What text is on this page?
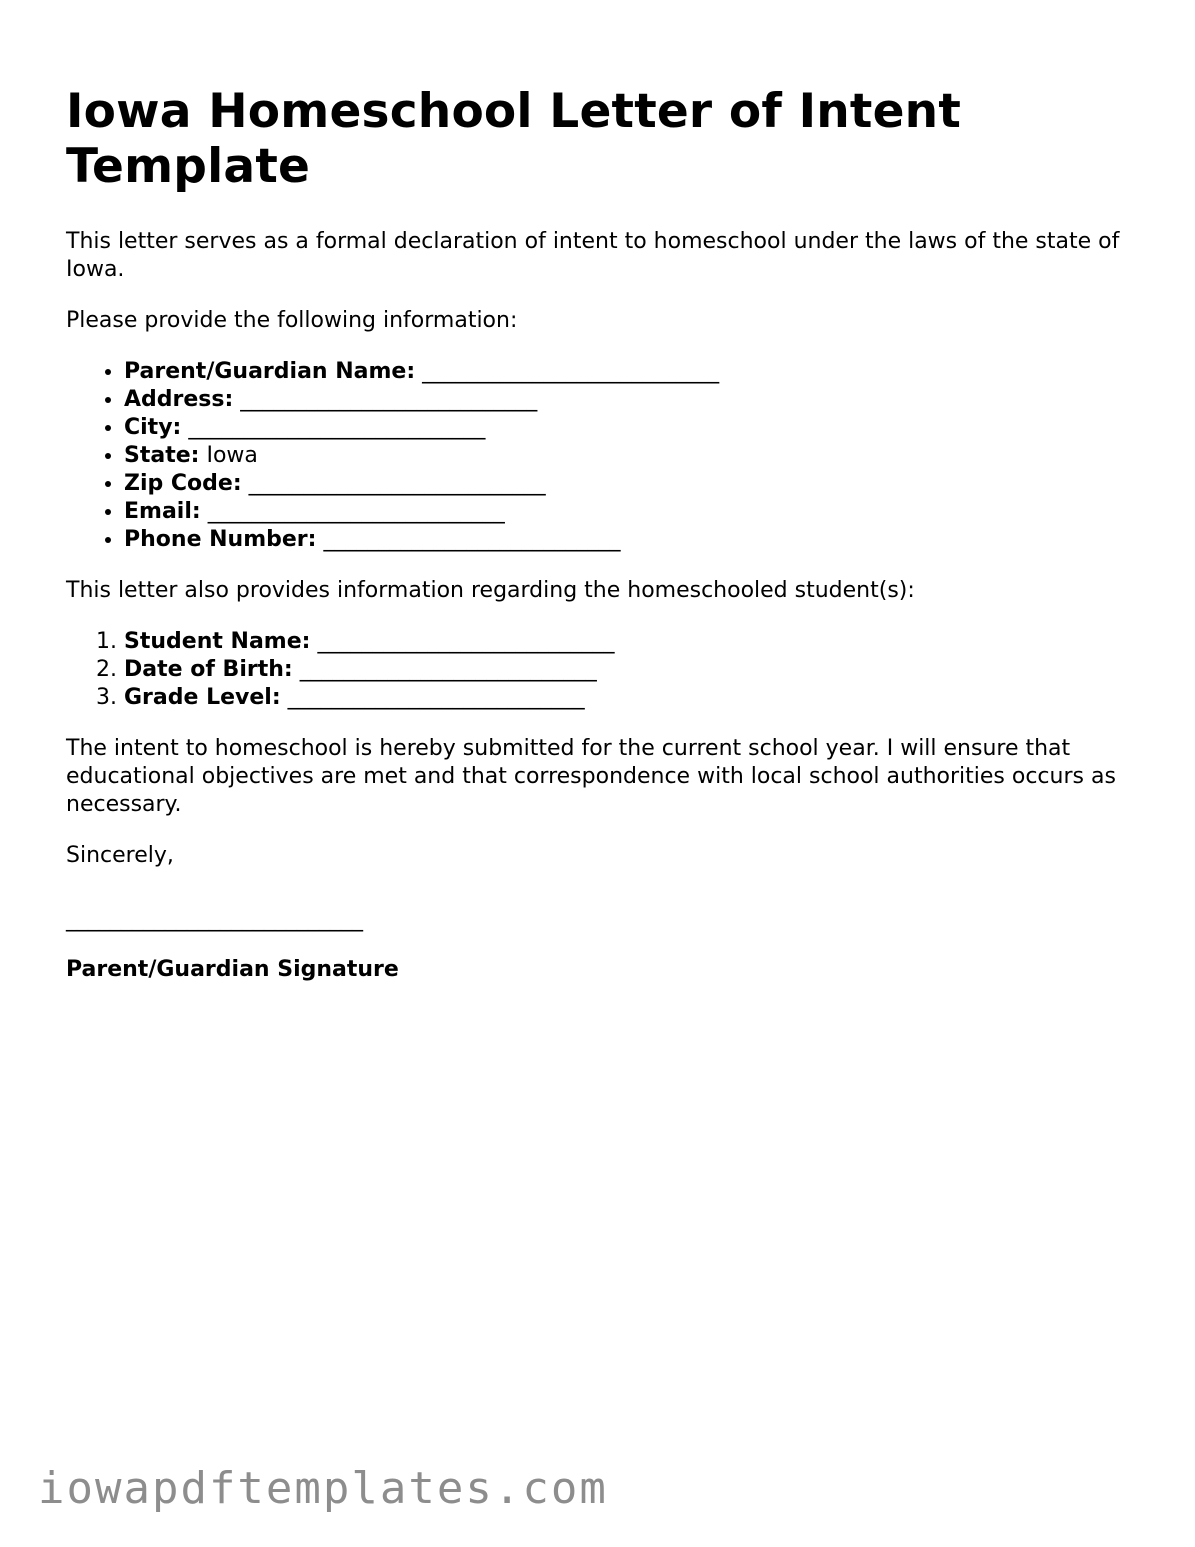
Iowa Homeschool Letter of Intent Template

This letter serves as a formal declaration of intent to homeschool under the laws of the state of Iowa.

Please provide the following information:

• Parent/Guardian Name: ___________________________
• Address: ___________________________
• City: ___________________________
• State: Iowa
• Zip Code: ___________________________
• Email: ___________________________
• Phone Number: ___________________________

This letter also provides information regarding the homeschooled student(s):

1. Student Name: ___________________________
2. Date of Birth: ___________________________
3. Grade Level: ___________________________

The intent to homeschool is hereby submitted for the current school year. I will ensure that educational objectives are met and that correspondence with local school authorities occurs as necessary.

Sincerely,

___________________________

Parent/Guardian Signature

iowapdftemplates.com
